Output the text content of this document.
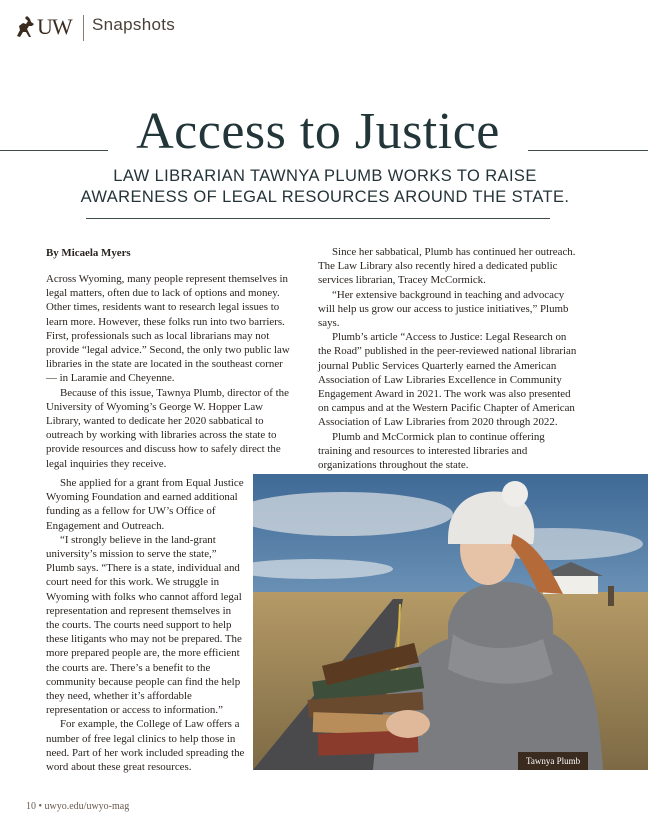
UW Snapshots
Access to Justice
LAW LIBRARIAN TAWNYA PLUMB WORKS TO RAISE AWARENESS OF LEGAL RESOURCES AROUND THE STATE.
By Micaela Myers

Across Wyoming, many people represent themselves in legal matters, often due to lack of options and money. Other times, residents want to research legal issues to learn more. However, these folks run into two barriers. First, professionals such as local librarians may not provide “legal advice.” Second, the only two public law libraries in the state are located in the southeast corner — in Laramie and Cheyenne.

Because of this issue, Tawnya Plumb, director of the University of Wyoming’s George W. Hopper Law Library, wanted to dedicate her 2020 sabbatical to outreach by working with libraries across the state to provide resources and discuss how to safely direct the legal inquiries they receive.

She applied for a grant from Equal Justice Wyoming Foundation and earned additional funding as a fellow for UW’s Office of Engagement and Outreach.

“I strongly believe in the land-grant university’s mission to serve the state,” Plumb says. “There is a state, individual and court need for this work. We struggle in Wyoming with folks who cannot afford legal representation and represent themselves in the courts. The courts need support to help these litigants who may not be prepared. The more prepared people are, the more efficient the courts are. There’s a benefit to the community because people can find the help they need, whether it’s affordable representation or access to information.”

For example, the College of Law offers a number of free legal clinics to help those in need. Part of her work included spreading the word about these great resources.

Since her sabbatical, Plumb has continued her outreach. The Law Library also recently hired a dedicated public services librarian, Tracey McCormick.

“Her extensive background in teaching and advocacy will help us grow our access to justice initiatives,” Plumb says.

Plumb’s article “Access to Justice: Legal Research on the Road” published in the peer-reviewed national librarian journal Public Services Quarterly earned the American Association of Law Libraries Excellence in Community Engagement Award in 2021. The work was also presented on campus and at the Western Pacific Chapter of American Association of Law Libraries from 2020 through 2022.

Plumb and McCormick plan to continue offering training and resources to interested libraries and organizations throughout the state.

Tawnya Plumb
10 • uwyo.edu/uwyo-mag
